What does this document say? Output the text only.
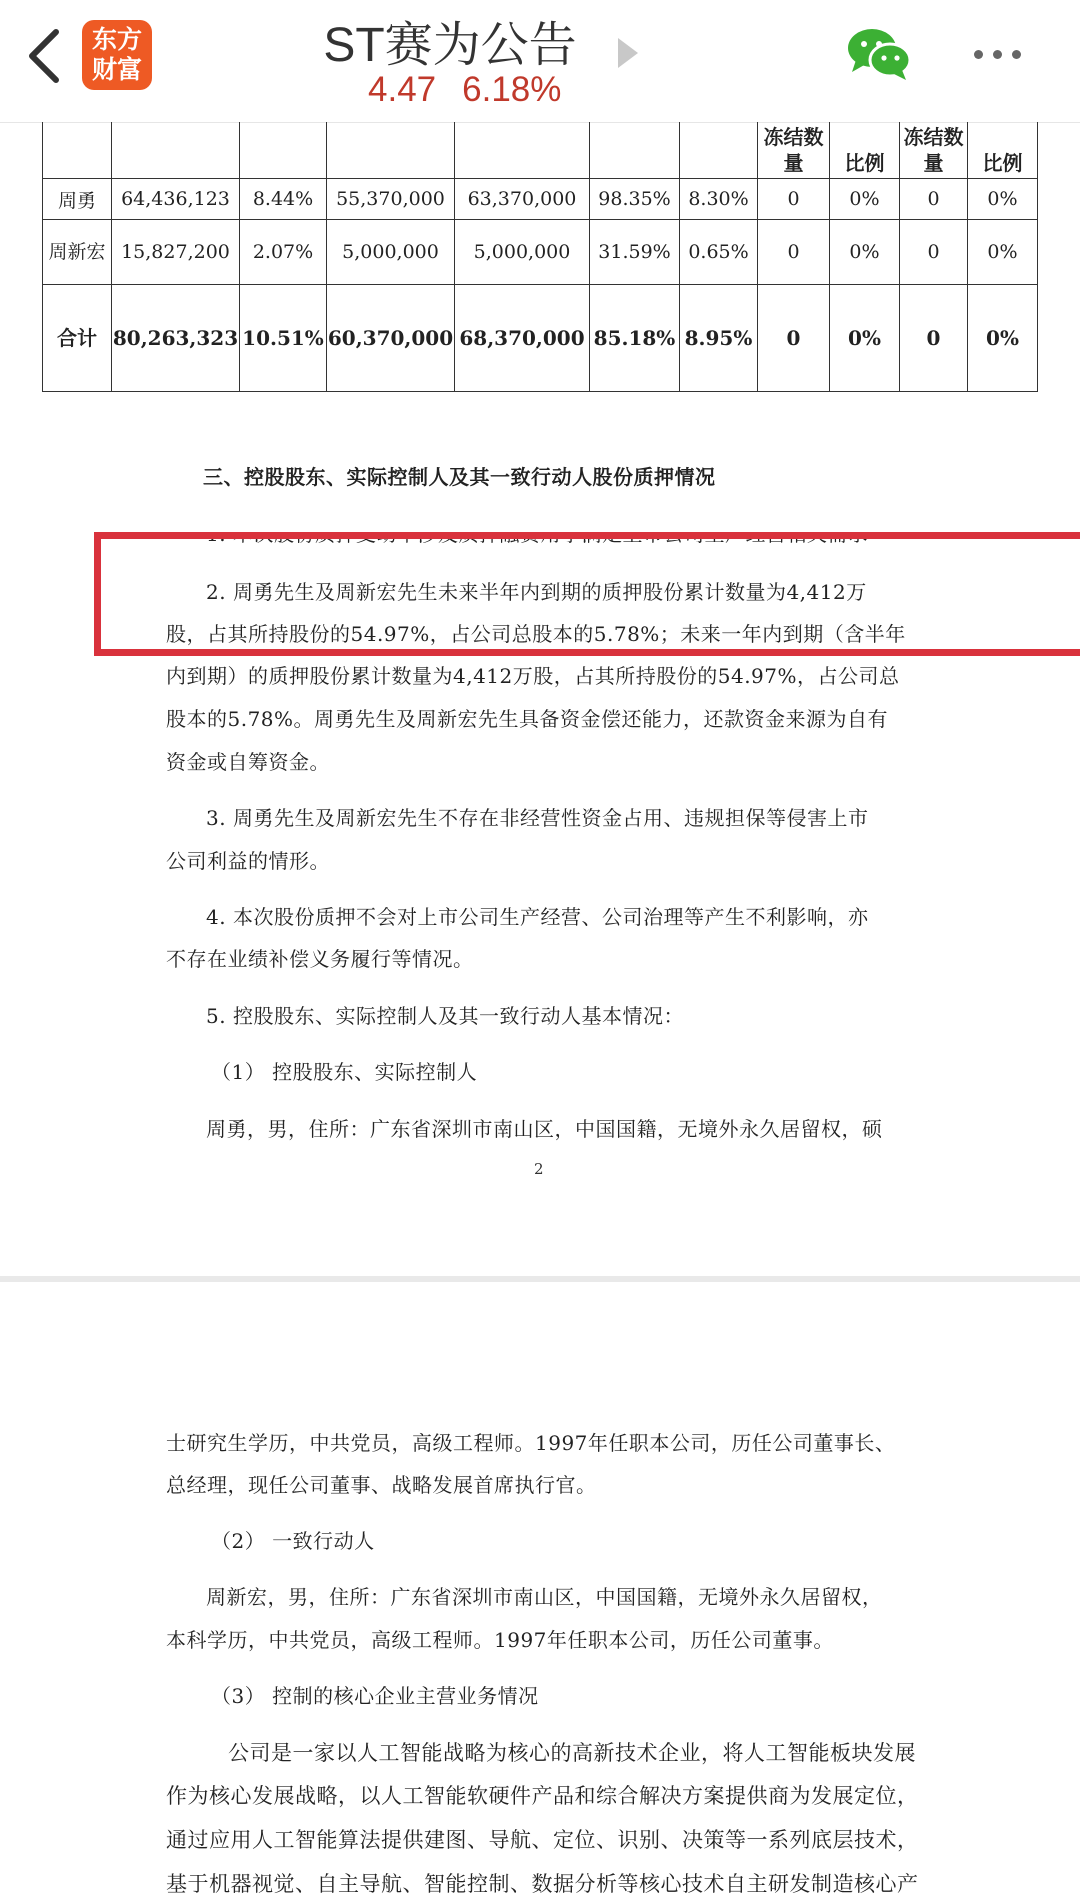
东方
财富	ST赛为公告
4.47 6.18%
							冻结数量	比例	冻结数量	比例
周勇	64,436,123	8.44%	55,370,000	63,370,000	98.35%	8.30%	0	0%	0	0%
周新宏	15,827,200	2.07%	5,000,000	5,000,000	31.59%	0.65%	0	0%	0	0%
合计	80,263,323	10.51%	60,370,000	68,370,000	85.18%	8.95%	0	0%	0	0%
三、控股股东、实际控制人及其一致行动人股份质押情况
2. 周勇先生及周新宏先生未来半年内到期的质押股份累计数量为4,412万
股，占其所持股份的54.97%，占公司总股本的5.78%；未来一年内到期（含半年
内到期）的质押股份累计数量为4,412万股，占其所持股份的54.97%，占公司总
股本的5.78%。周勇先生及周新宏先生具备资金偿还能力，还款资金来源为自有
资金或自筹资金。
3. 周勇先生及周新宏先生不存在非经营性资金占用、违规担保等侵害上市
公司利益的情形。
4. 本次股份质押不会对上市公司生产经营、公司治理等产生不利影响，亦
不存在业绩补偿义务履行等情况。
5. 控股股东、实际控制人及其一致行动人基本情况：
（1） 控股股东、实际控制人
周勇，男，住所：广东省深圳市南山区，中国国籍，无境外永久居留权，硕
2
士研究生学历，中共党员，高级工程师。1997年任职本公司，历任公司董事长、
总经理，现任公司董事、战略发展首席执行官。
（2） 一致行动人
周新宏，男，住所：广东省深圳市南山区，中国国籍，无境外永久居留权，
本科学历，中共党员，高级工程师。1997年任职本公司，历任公司董事。
（3） 控制的核心企业主营业务情况
公司是一家以人工智能战略为核心的高新技术企业，将人工智能板块发展
作为核心发展战略，以人工智能软硬件产品和综合解决方案提供商为发展定位，
通过应用人工智能算法提供建图、导航、定位、识别、决策等一系列底层技术，
基于机器视觉、自主导航、智能控制、数据分析等核心技术自主研发制造核心产
